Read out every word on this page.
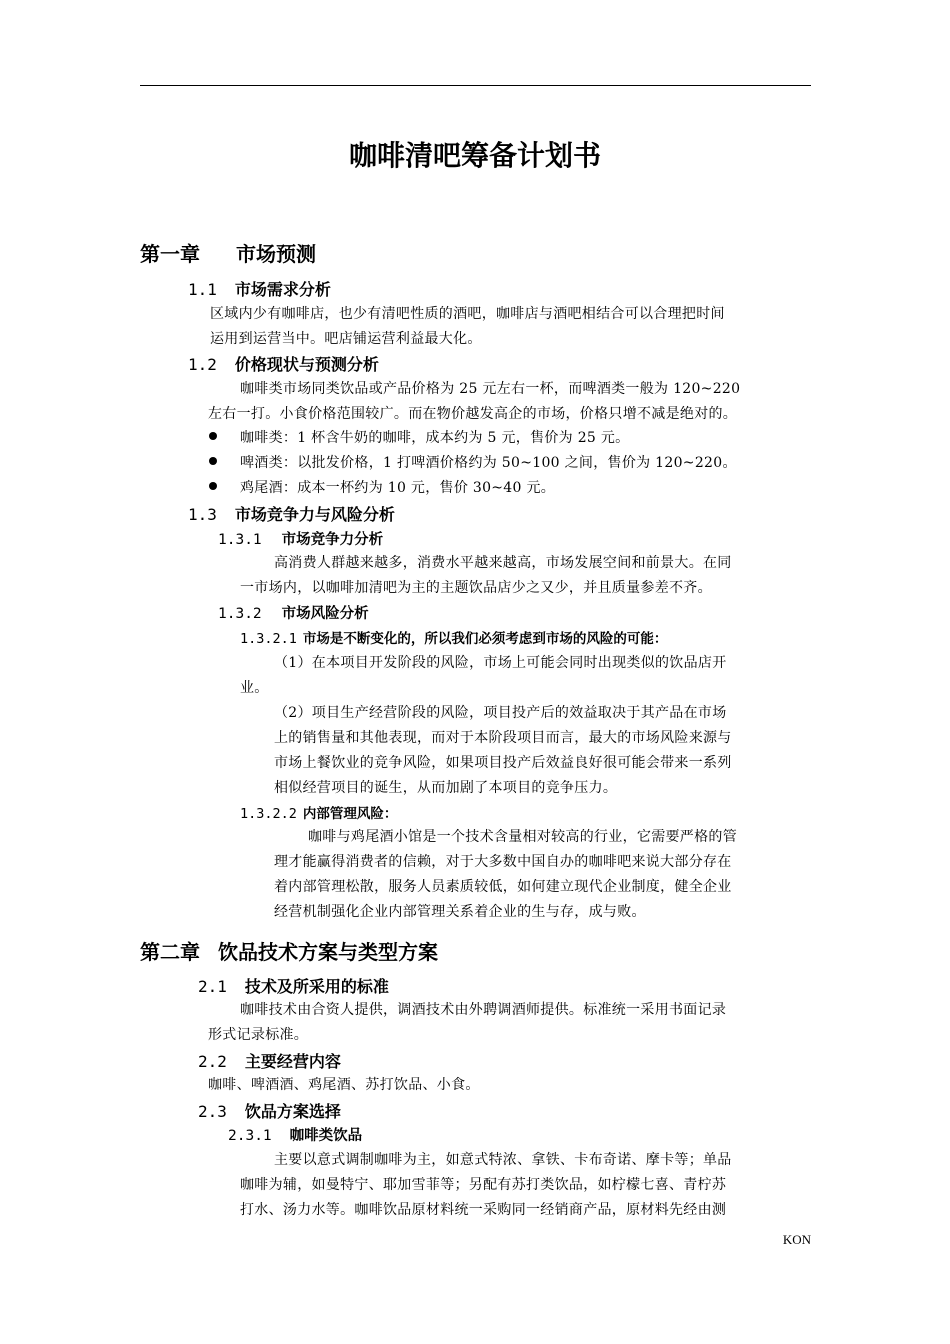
咖啡清吧筹备计划书
第一章 市场预测
1.1 市场需求分析
区域内少有咖啡店，也少有清吧性质的酒吧，咖啡店与酒吧相结合可以合理把时间
运用到运营当中。吧店铺运营利益最大化。
1.2 价格现状与预测分析
咖啡类市场同类饮品或产品价格为 25 元左右一杯，而啤酒类一般为 120~220
左右一打。小食价格范围较广。而在物价越发高企的市场，价格只增不减是绝对的。
咖啡类：1 杯含牛奶的咖啡，成本约为 5 元，售价为 25 元。
啤酒类：以批发价格，1 打啤酒价格约为 50~100 之间，售价为 120~220。
鸡尾酒：成本一杯约为 10 元，售价 30~40 元。
1.3 市场竞争力与风险分析
1.3.1 市场竞争力分析
高消费人群越来越多，消费水平越来越高，市场发展空间和前景大。在同
一市场内，以咖啡加清吧为主的主题饮品店少之又少，并且质量参差不齐。
1.3.2 市场风险分析
1.3.2.1 市场是不断变化的，所以我们必须考虑到市场的风险的可能：
（1）在本项目开发阶段的风险，市场上可能会同时出现类似的饮品店开
业。
（2）项目生产经营阶段的风险，项目投产后的效益取决于其产品在市场
上的销售量和其他表现，而对于本阶段项目而言，最大的市场风险来源与
市场上餐饮业的竞争风险，如果项目投产后效益良好很可能会带来一系列
相似经营项目的诞生，从而加剧了本项目的竞争压力。
1.3.2.2 内部管理风险：
咖啡与鸡尾酒小馆是一个技术含量相对较高的行业，它需要严格的管
理才能赢得消费者的信赖，对于大多数中国自办的咖啡吧来说大部分存在
着内部管理松散，服务人员素质较低，如何建立现代企业制度，健全企业
经营机制强化企业内部管理关系着企业的生与存，成与败。
第二章 饮品技术方案与类型方案
2.1 技术及所采用的标准
咖啡技术由合资人提供，调酒技术由外聘调酒师提供。标准统一采用书面记录
形式记录标准。
2.2 主要经营内容
咖啡、啤酒酒、鸡尾酒、苏打饮品、小食。
2.3 饮品方案选择
2.3.1 咖啡类饮品
主要以意式调制咖啡为主，如意式特浓、拿铁、卡布奇诺、摩卡等；单品
咖啡为辅，如曼特宁、耶加雪菲等；另配有苏打类饮品，如柠檬七喜、青柠苏
打水、汤力水等。咖啡饮品原材料统一采购同一经销商产品，原材料先经由测
KON
